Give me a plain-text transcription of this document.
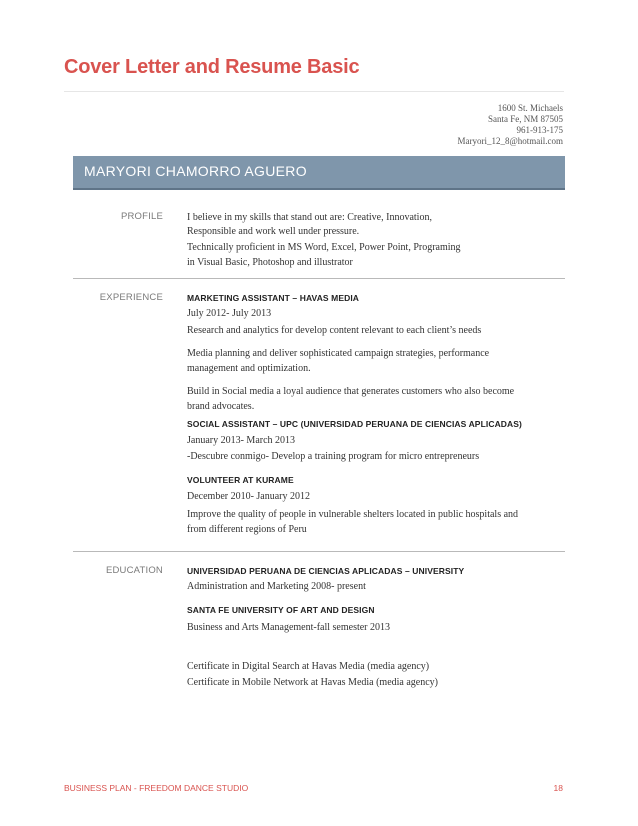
Cover Letter and Resume Basic
1600 St. Michaels
Santa Fe, NM 87505
961-913-175
Maryori_12_8@hotmail.com
MARYORI CHAMORRO AGUERO
PROFILE I believe in my skills that stand out are: Creative, Innovation,
Responsible and work well under pressure.
Technically proficient in MS Word, Excel, Power Point, Programing
in Visual Basic, Photoshop and illustrator
EXPERIENCE	MARKETING ASSISTANT – HAVAS MEDIA
July 2012- July 2013
Research and analytics for develop content relevant to each client’s needs
Media planning and deliver sophisticated campaign strategies, performance
management and optimization.
Build in Social media a loyal audience that generates customers who also become
brand advocates.
SOCIAL ASSISTANT – UPC (UNIVERSIDAD PERUANA DE CIENCIAS APLICADAS)
January 2013- March 2013
-Descubre conmigo- Develop a training program for micro entrepreneurs
VOLUNTEER AT KURAME
December 2010- January 2012
Improve the quality of people in vulnerable shelters located in public hospitals and
from different regions of Peru
EDUCATION	UNIVERSIDAD PERUANA DE CIENCIAS APLICADAS – UNIVERSITY
Administration and Marketing 2008- present
SANTA FE UNIVERSITY OF ART AND DESIGN
Business and Arts Management-fall semester 2013
Certificate in Digital Search at Havas Media (media agency)
Certificate in Mobile Network at Havas Media (media agency)
BUSINESS PLAN - FREEDOM DANCE STUDIO	18
